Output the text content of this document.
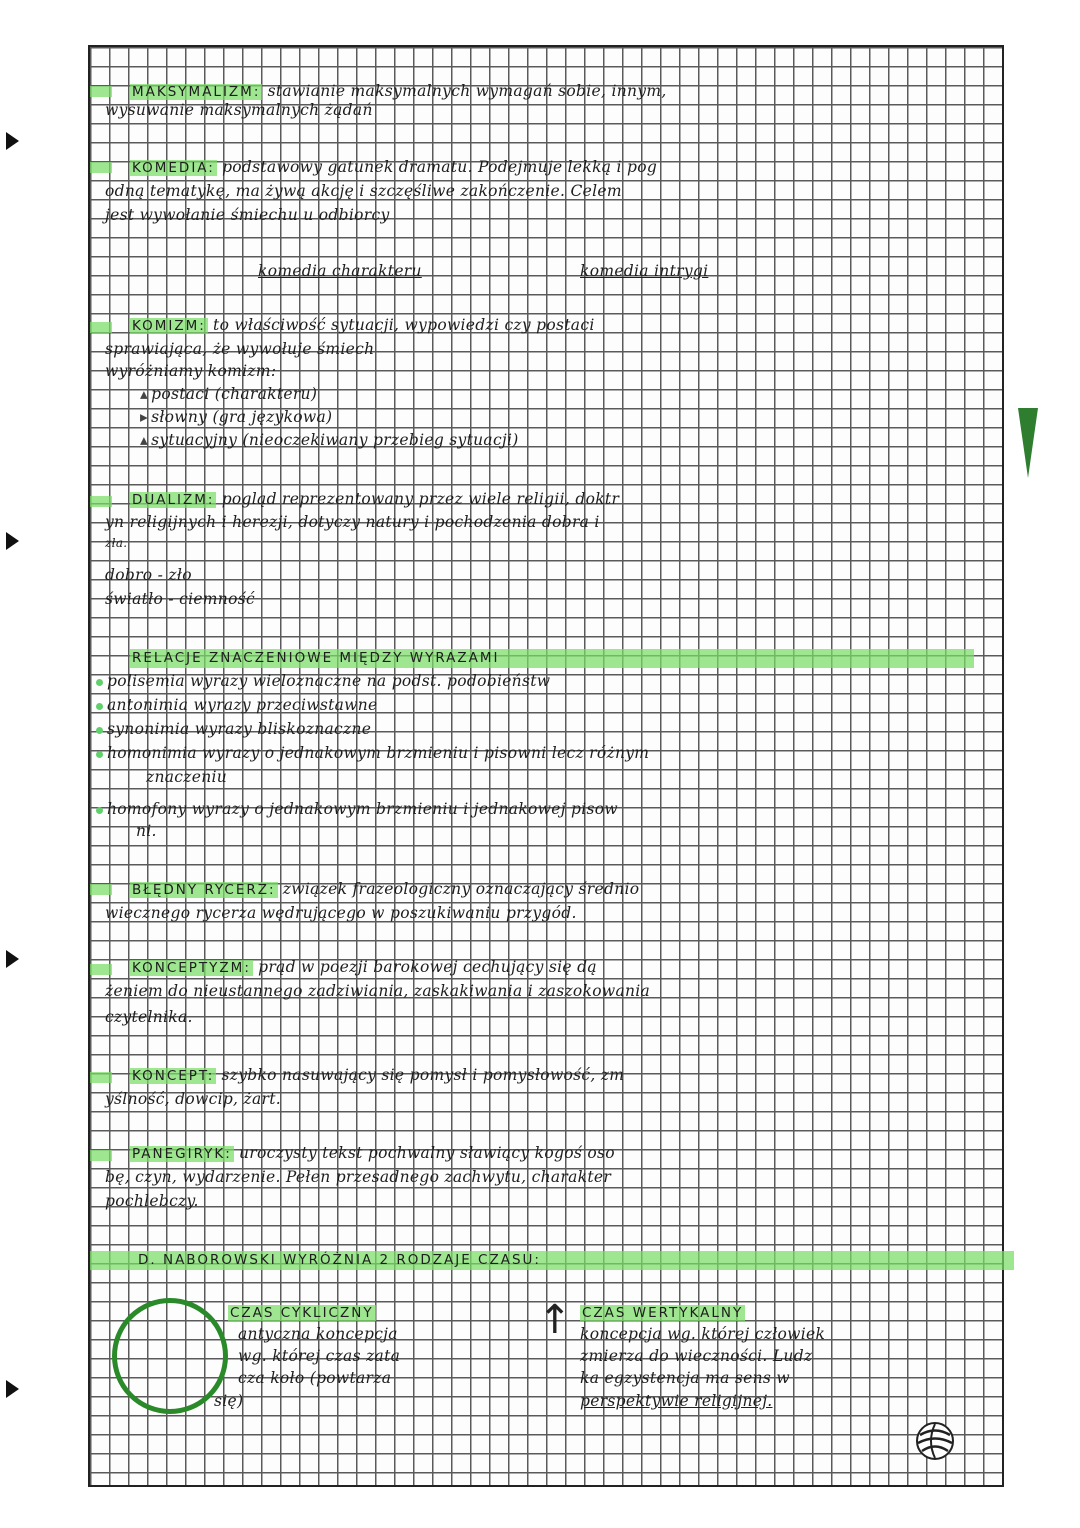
MAKSYMALIZM: stawianie maksymalnych wymagań sobie, innym,
wysuwanie maksymalnych żądań
KOMEDIA: podstawowy gatunek dramatu. Podejmuje lekką i pog
odną tematykę, ma żywą akcję i szczęśliwe zakończenie. Celem
jest wywołanie śmiechu u odbiorcy
komedia charakteru	komedia intrygi
KOMIZM: to właściwość sytuacji, wypowiedzi czy postaci
sprawiająca, że wywołuje śmiech
wyróżniamy komizm:
▴ postaci (charakteru)
▸ słowny (gra językowa)
▴ sytuacyjny (nieoczekiwany przebieg sytuacji)
DUALIZM: pogląd reprezentowany przez wiele religii, doktr
yn religijnych i herezji, dotyczy natury i pochodzenia dobra i
zła.
dobro - zło
światło - ciemność
RELACJE ZNACZENIOWE MIĘDZY WYRAZAMI
polisemia wyrazy wieloznaczne na podst. podobieństw
antonimia wyrazy przeciwstawne
synonimia wyrazy bliskoznaczne
homonimia wyrazy o jednakowym brzmieniu i pisowni lecz różnym
znaczeniu
homofony wyrazy o jednakowym brzmieniu i jednakowej pisow
ni.
BŁĘDNY RYCERZ: związek frazeologiczny oznaczający średnio
wiecznego rycerza wędrującego w poszukiwaniu przygód.
KONCEPTYZM: prąd w poezji barokowej cechujący się dą
żeniem do nieustannego zadziwiania, zaskakiwania i zaszokowania
czytelnika.
KONCEPT: szybko nasuwający się pomysł i pomysłowość, zm
yślność, dowcip, żart.
PANEGIRYK: uroczysty tekst pochwalny sławiący kogoś oso
bę, czyn, wydarzenie. Pełen przesadnego zachwytu, charakter
pochlebczy.
D. NABOROWSKI WYRÓŻNIA 2 RODZAJE CZASU:
CZAS CYKLICZNY
antyczna koncepcja
wg. której czas zata
cza koło (powtarza
się)
↑ CZAS WERTYKALNY
koncepcja wg. której człowiek
zmierza do wieczności. Ludz
ka egzystencja ma sens w
perspektywie religijnej.
